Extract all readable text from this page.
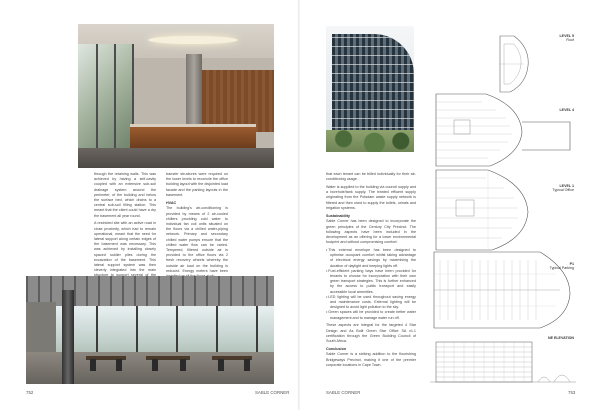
through the retaining walls. This was achieved by having a self-cavity coupled with an extensive sub-soil drainage system around the perimeter, of the building and below the surface bed, which drains to a central sub-soil filling station. This meant that the client could have a dry the basement all year round.

A restricted site with an active road in close proximity, which had to remain operational, meant that the need for lateral support along certain edges of the basement was necessary. This was achieved by installing closely spaced soldier piles during the excavation of the basement. This lateral support system was then cleverly integrated into the main

transfer structures were required on the lower levels to reconcile the office building layout with the disjointed load facade and the parking layouts in the basement.

HVAC

The building's air-conditioning is provided by means of 2 air-cooled chillers providing cold water to individual fan coil units situated on the floors via a chilled water-piping network. Primary and secondary chilled water pumps ensure that the chilled water flow can be varied. Tempered, filtered outside air is provided to the office floors via 2 fresh recovery wheels whereby the outside air load on the building is reduced. Energy meters have been

752	SABLE CORNER

that each tenant can be billed individually for their air-conditioning usage.

Water is supplied to the building via council supply and a borehole/tank supply. The treated effluent supply originating from the Potsdam waste supply network is filtered and then used to supply the toilets, urinals and irrigation systems.

Sustainability

Sable Corner has been designed to incorporate the green principles of the Century City Precinct. The following aspects have been included in the development as an offering for a lower environmental footprint and without compromising comfort:

• This external envelope has been designed to optimise occupant comfort whilst taking advantage of electrical energy savings by maximising the duration of daylight and keeping lights off.
• Fuel-efficient parking bays have been provided for tenants to choose for incorporation with their own green transport strategies. This is further enhanced by the access to public transport and easily accessible local amenities.
• LED lighting will be used throughout saving energy and maintenance costs. External lighting will be designed to avoid light pollution to the sky.
• Green spaces will be provided to create better water management and to manage water run off.

These aspects are integral for the targeted 4 Star Design and As Built Green Star Office SA v1.1 certification through the Green Building Council of South Africa.

Conclusion

Sable Corner is a striking addition to the flourishing Bridgeways Precinct, making it one of the premier corporate locations in Cape Town.

LEVEL 5
Roof
LEVEL 4
LEVEL 1
Typical Office
P1
Typical Parking
NE ELEVATION
SABLE CORNER	753
